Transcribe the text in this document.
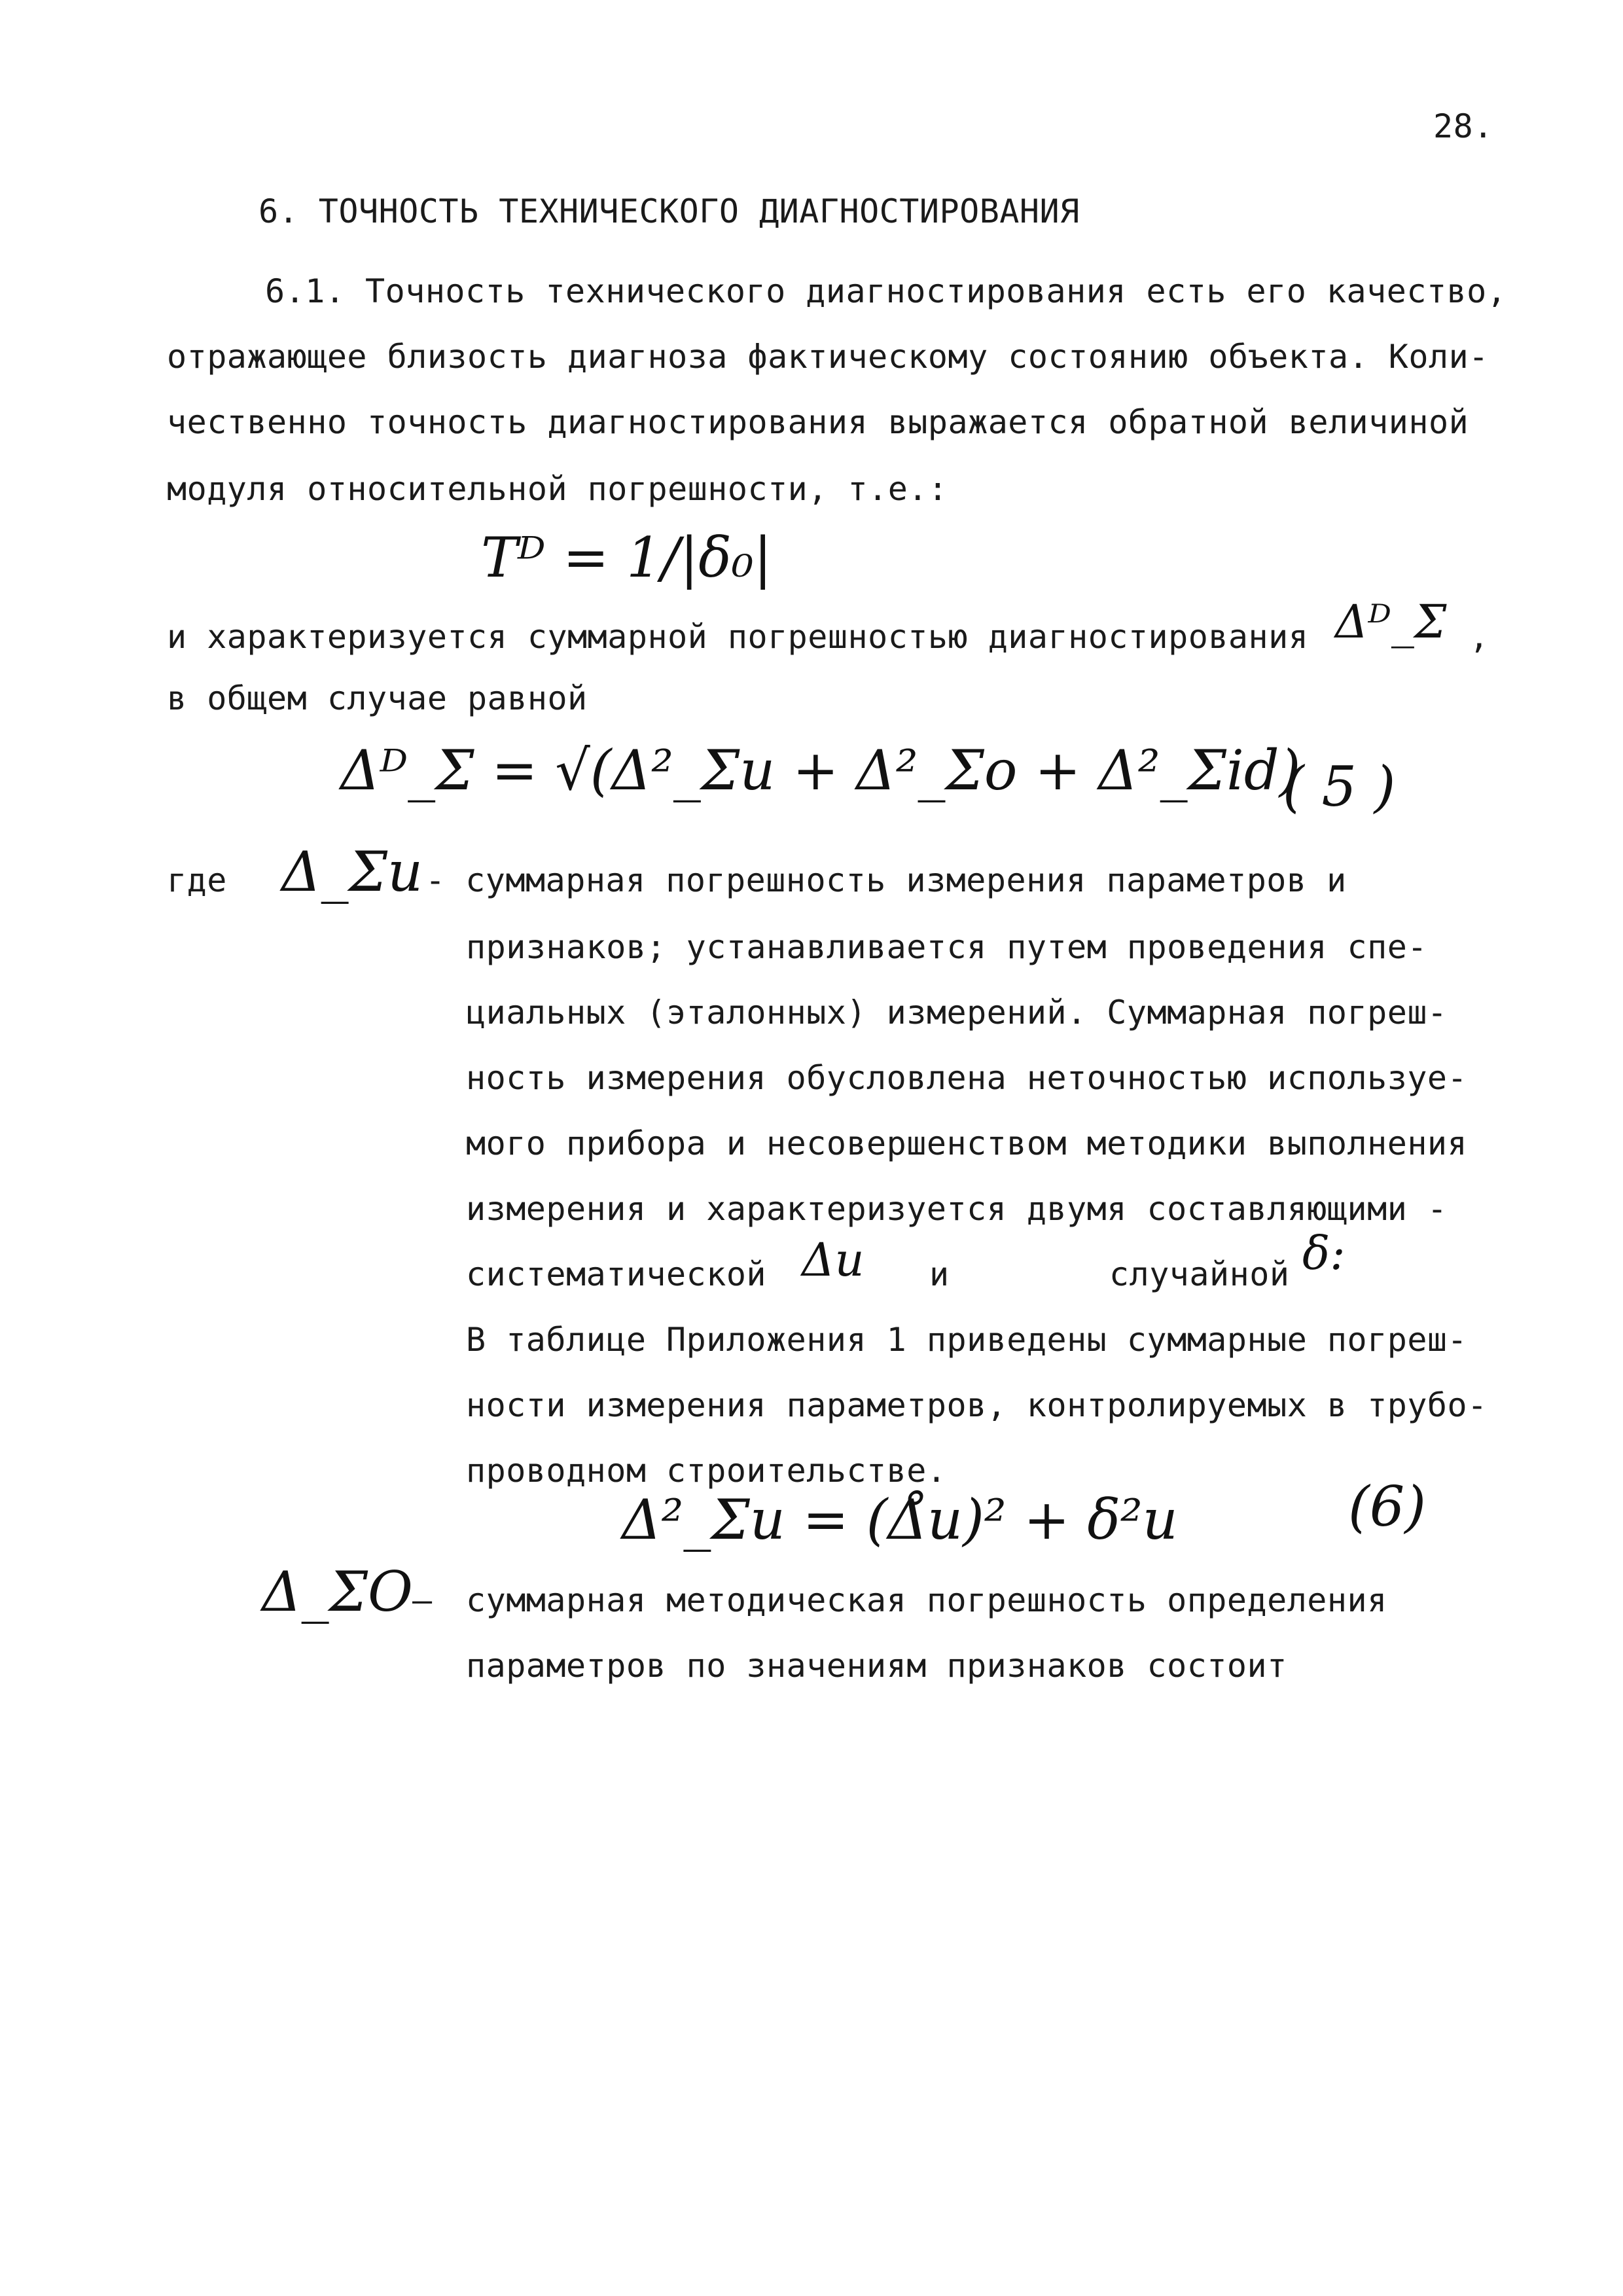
28.
6. ТОЧНОСТЬ ТЕХНИЧЕСКОГО ДИАГНОСТИРОВАНИЯ
6.1. Точность технического диагностирования есть его качество,
отражающее близость диагноза фактическому состоянию объекта. Коли-
чественно точность диагностирования выражается обратной величиной
модуля относительной погрешности, т.е.:
Tᴰ = 1/|δ₀|
и характеризуется суммарной погрешностью диагностирования Δᴰ_Σ ,
в общем случае равной
Δᴰ_Σ = √(Δ²_Σu + Δ²_Σo + Δ²_Σid)
( 5 )
где Δ_Σu - суммарная погрешность измерения параметров и
признаков; устанавливается путем проведения спе-
циальных (эталонных) измерений. Суммарная погреш-
ность измерения обусловлена неточностью используе-
мого прибора и несовершенством методики выполнения
измерения и характеризуется двумя составляющими -
систематической Δu и	случайной δ:
В таблице Приложения 1 приведены суммарные погреш-
ности измерения параметров, контролируемых в трубо-
проводном строительстве.
Δ²_Σu = (Δ̊u)² + δ²u	(6)
Δ_ΣO — суммарная методическая погрешность определения
параметров по значениям признаков состоит
